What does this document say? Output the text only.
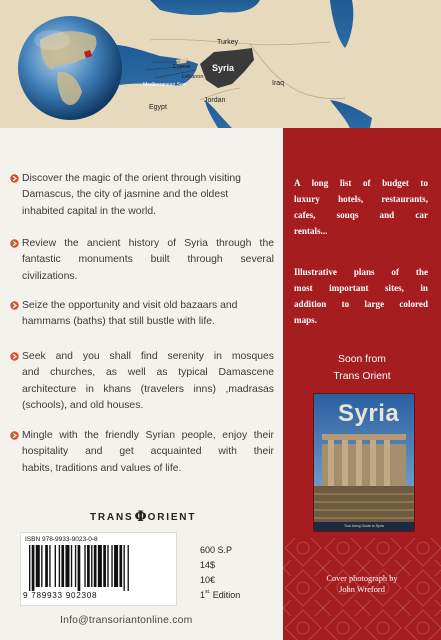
Turkey
Cyprus
Lebanon
Mediterranean Sea
Syria
Iraq
Egypt
Jordan
Discover the magic of the orient through visiting
Damascus, the city of jasmine and the oldest
inhabited capital in the world.
Review the ancient history of Syria through the
fantastic monuments built through several
civilizations.
Seize the opportunity and visit old bazaars and
hammams (baths) that still bustle with life.
Seek and you shall find serenity in mosques
and churches, as well as typical Damascene
architecture in khans (travelers inns) ,madrasas
(schools), and old houses.
Mingle with the friendly Syrian people, enjoy their
hospitality and get acquainted with their
habits, traditions and values of life.
TRANS Φ ORIENT
ISBN 978-9933-9023-0-8
9 789933 902308
600 S.P
14$
10€
$1^{st.}$ Edition
Info@transoriantonline.com
A long list of budget to
luxury hotels, restaurants,
cafes, souqs and car
rentals...
Illustrative plans of the
most important sites, in
addition to large colored
maps.
Soon from
Trans Orient
Syria
Tour Along Guide to Syria
Cover photograph by
John Wreford
